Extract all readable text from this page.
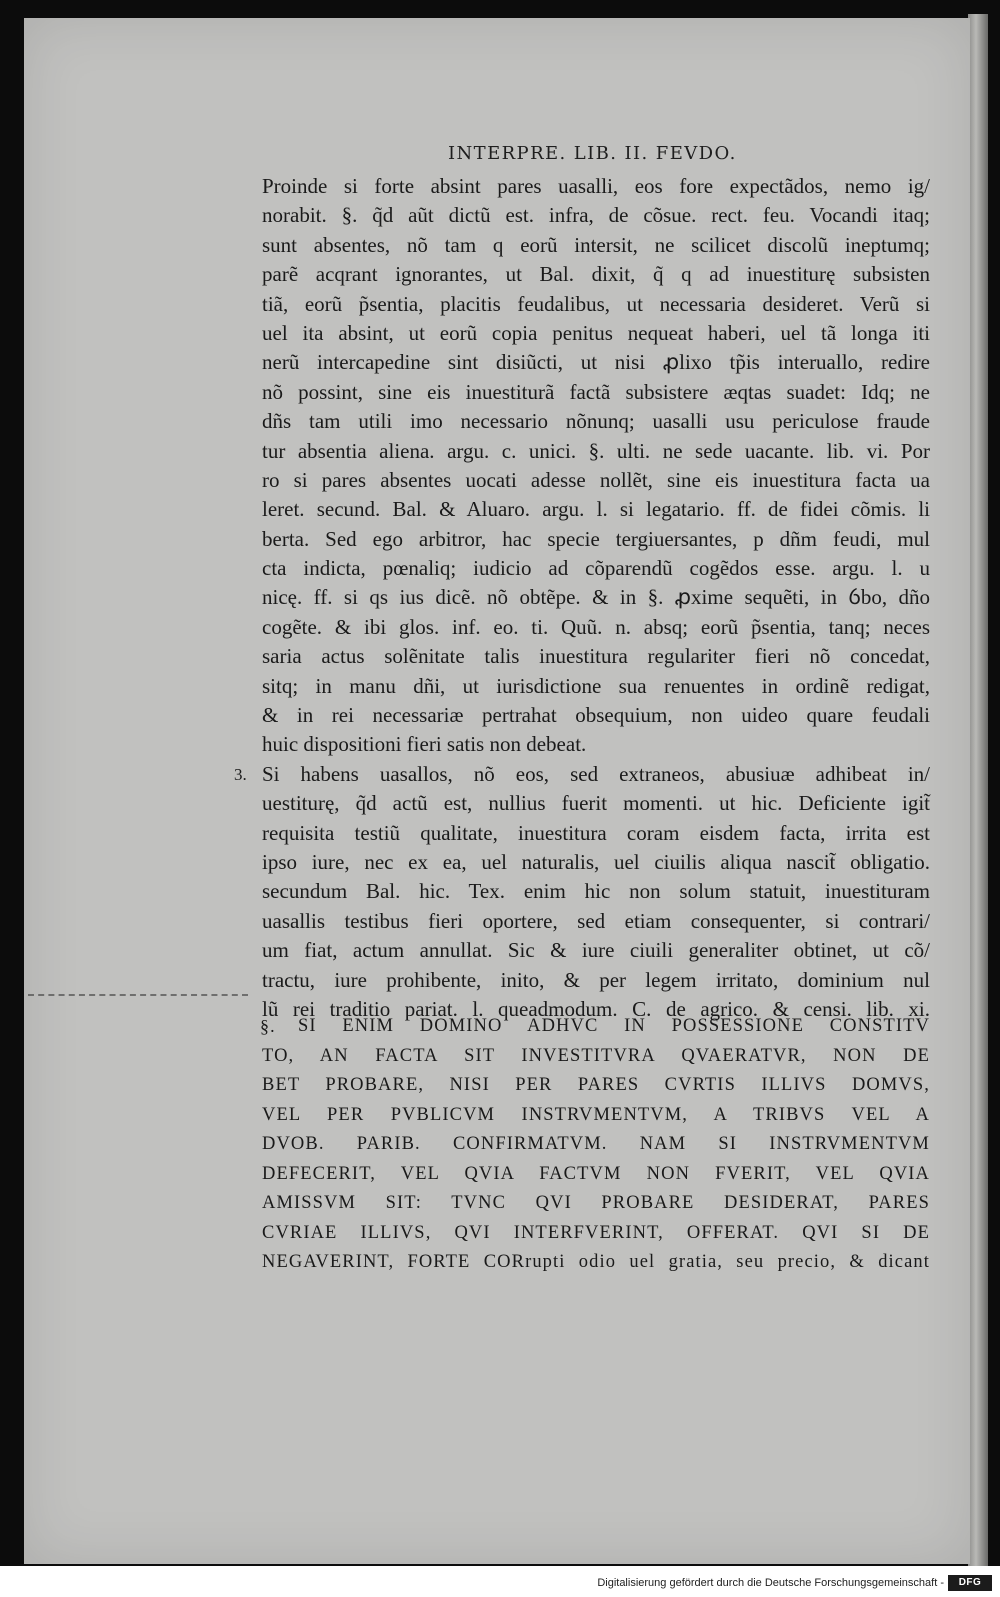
INTERPRE. LIB. II. FEVDO.
Proinde si forte absint pares uasalli, eos fore expectãdos, nemo ig/
norabit. §. q̃d aũt dictũ est. infra, de cõsue. rect. feu. Vocandi itaq;
sunt absentes, nõ tam q eorũ intersit, ne scilicet discolũ ineptumq;
parẽ acqrant ignorantes, ut Bal. dixit, q̃ q ad inuestiturę subsisten
tiã, eorũ p̃sentia, placitis feudalibus, ut necessaria desideret. Verũ si
uel ita absint, ut eorũ copia penitus nequeat haberi, uel tã longa iti
nerũ intercapedine sint disiũcti, ut nisi ꝓlixo tp̃is interuallo, redire
nõ possint, sine eis inuestiturã factã subsistere æqtas suadet: Idq; ne
dñs tam utili imo necessario nõnunq; uasalli usu periculose fraude
tur absentia aliena. argu. c. unici. §. ulti. ne sede uacante. lib. vi. Por
ro si pares absentes uocati adesse nollẽt, sine eis inuestitura facta ua
leret. secund. Bal. & Aluaro. argu. l. si legatario. ff. de fidei cõmis. li
berta. Sed ego arbitror, hac specie tergiuersantes, p dñm feudi, mul
cta indicta, pœnaliq; iudicio ad cõparendũ cogẽdos esse. argu. l. u
nicę. ff. si qs ius dicẽ. nõ obtẽpe. & in §. ꝓxime sequẽti, in ỽbo, dño
cogẽte. & ibi glos. inf. eo. ti. Quũ. n. absq; eorũ p̃sentia, tanq; neces
saria actus solẽnitate talis inuestitura regulariter fieri nõ concedat,
sitq; in manu dñi, ut iurisdictione sua renuentes in ordinẽ redigat,
& in rei necessariæ pertrahat obsequium, non uideo quare feudali
huic dispositioni fieri satis non debeat.
3. Si habens uasallos, nõ eos, sed extraneos, abusiuæ adhibeat in/
uestiturę, q̃d actũ est, nullius fuerit momenti. ut hic. Deficiente igit̃
requisita testiũ qualitate, inuestitura coram eisdem facta, irrita est
ipso iure, nec ex ea, uel naturalis, uel ciuilis aliqua nascit̃ obligatio.
secundum Bal. hic. Tex. enim hic non solum statuit, inuestituram
uasallis testibus fieri oportere, sed etiam consequenter, si contrari/
um fiat, actum annullat. Sic & iure ciuili generaliter obtinet, ut cõ/
tractu, iure prohibente, inito, & per legem irritato, dominium nul
lũ rei traditio pariat. l. queadmodum. C. de agrico. & censi. lib. xi.
§. SI ENIM DOMINO ADHVC IN POSSESSIONE CONSTITV
TO, AN FACTA SIT INVESTITVRA QVAERATVR, NON DE
BET PROBARE, NISI PER PARES CVRTIS ILLIVS DOMVS,
VEL PER PVBLICVM INSTRVMENTVM, A TRIBVS VEL A
DVOB. PARIB. CONFIRMATVM. NAM SI INSTRVMENTVM
DEFECERIT, VEL QVIA FACTVM NON FVERIT, VEL QVIA
AMISSVM SIT: TVNC QVI PROBARE DESIDERAT, PARES
CVRIAE ILLIVS, QVI INTERFVERINT, OFFERAT. QVI SI DE
NEGAVERINT, FORTE CORrupti odio uel gratia, seu precio, & dicant
Digitalisierung gefördert durch die Deutsche Forschungsgemeinschaft -	DFG
